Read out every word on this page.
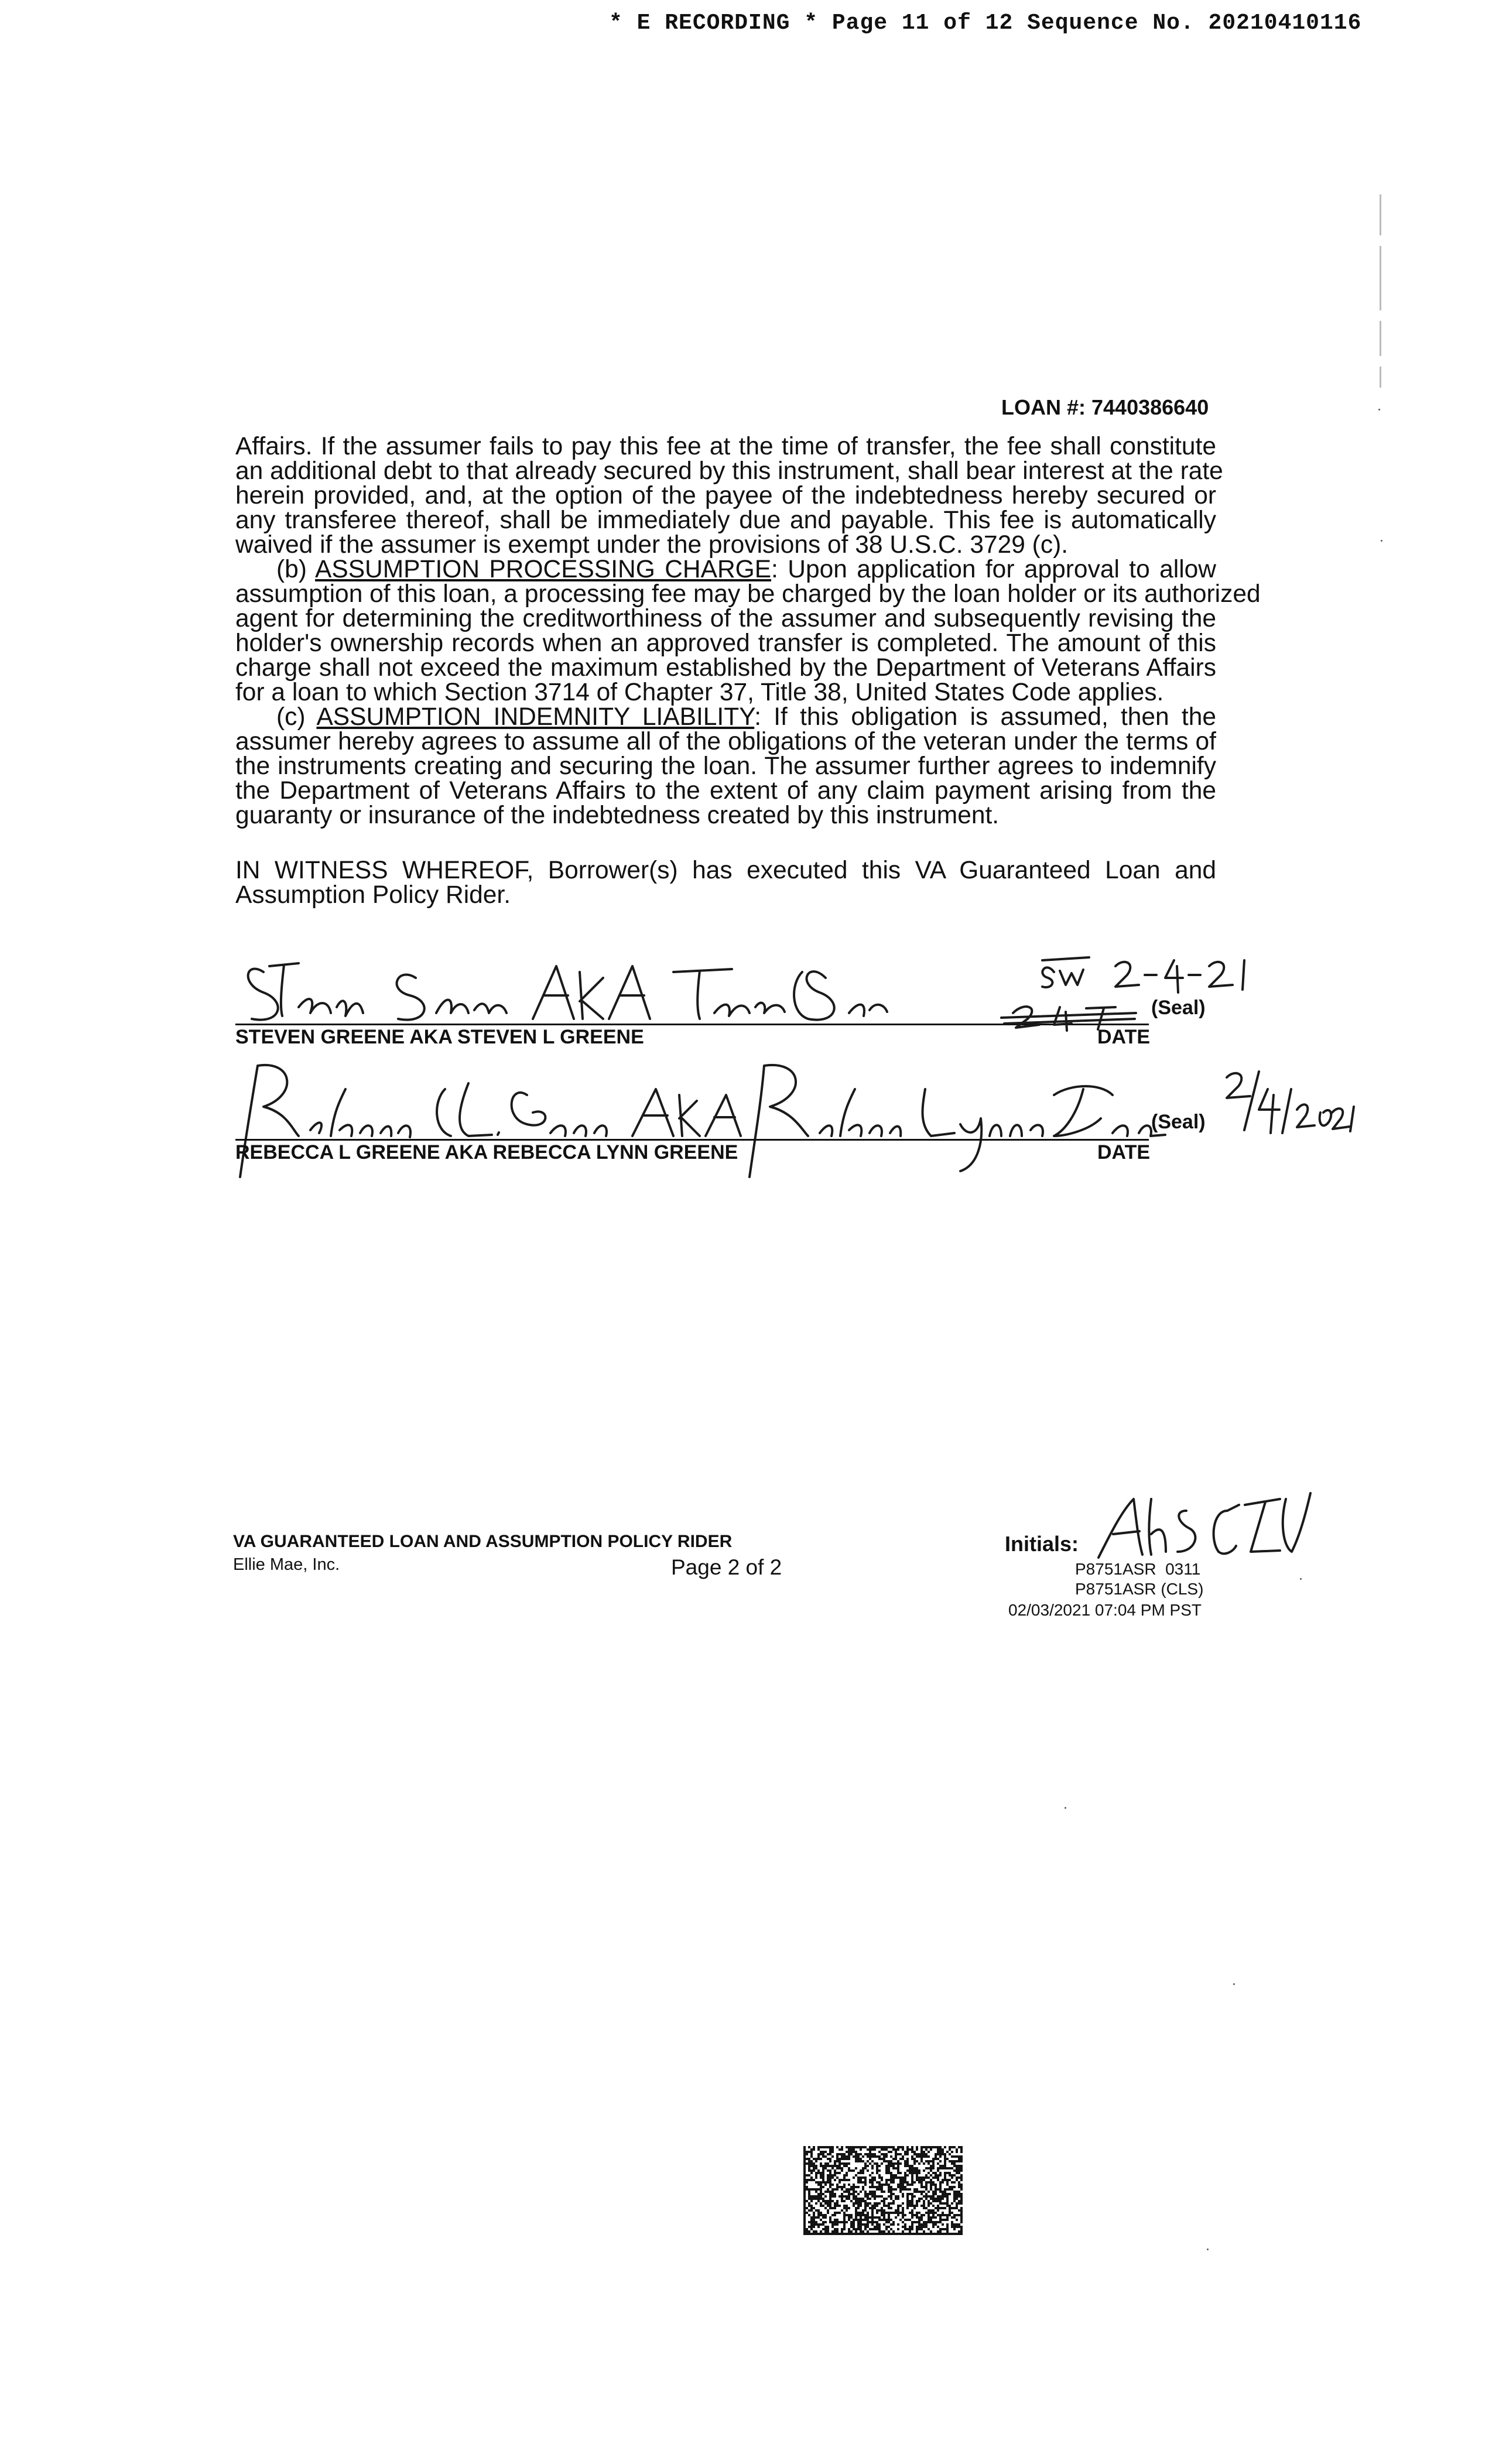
* E RECORDING * Page 11 of 12 Sequence No. 20210410116
LOAN #: 7440386640
Affairs. If the assumer fails to pay this fee at the time of transfer, the fee shall constitute
an additional debt to that already secured by this instrument, shall bear interest at the rate
herein provided, and, at the option of the payee of the indebtedness hereby secured or
any transferee thereof, shall be immediately due and payable. This fee is automatically
waived if the assumer is exempt under the provisions of 38 U.S.C. 3729 (c).
(b) ASSUMPTION PROCESSING CHARGE: Upon application for approval to allow
assumption of this loan, a processing fee may be charged by the loan holder or its authorized
agent for determining the creditworthiness of the assumer and subsequently revising the
holder's ownership records when an approved transfer is completed. The amount of this
charge shall not exceed the maximum established by the Department of Veterans Affairs
for a loan to which Section 3714 of Chapter 37, Title 38, United States Code applies.
(c) ASSUMPTION INDEMNITY LIABILITY: If this obligation is assumed, then the
assumer hereby agrees to assume all of the obligations of the veteran under the terms of
the instruments creating and securing the loan. The assumer further agrees to indemnify
the Department of Veterans Affairs to the extent of any claim payment arising from the
guaranty or insurance of the indebtedness created by this instrument.
IN WITNESS WHEREOF, Borrower(s) has executed this VA Guaranteed Loan and
Assumption Policy Rider.
STEVEN GREENE AKA STEVEN L GREENE
(Seal)
DATE
REBECCA L GREENE AKA REBECCA LYNN GREENE
(Seal)
DATE
VA GUARANTEED LOAN AND ASSUMPTION POLICY RIDER
Ellie Mae, Inc.	Page 2 of 2
Initials:
P8751ASR  0311
P8751ASR (CLS)
02/03/2021 07:04 PM PST
